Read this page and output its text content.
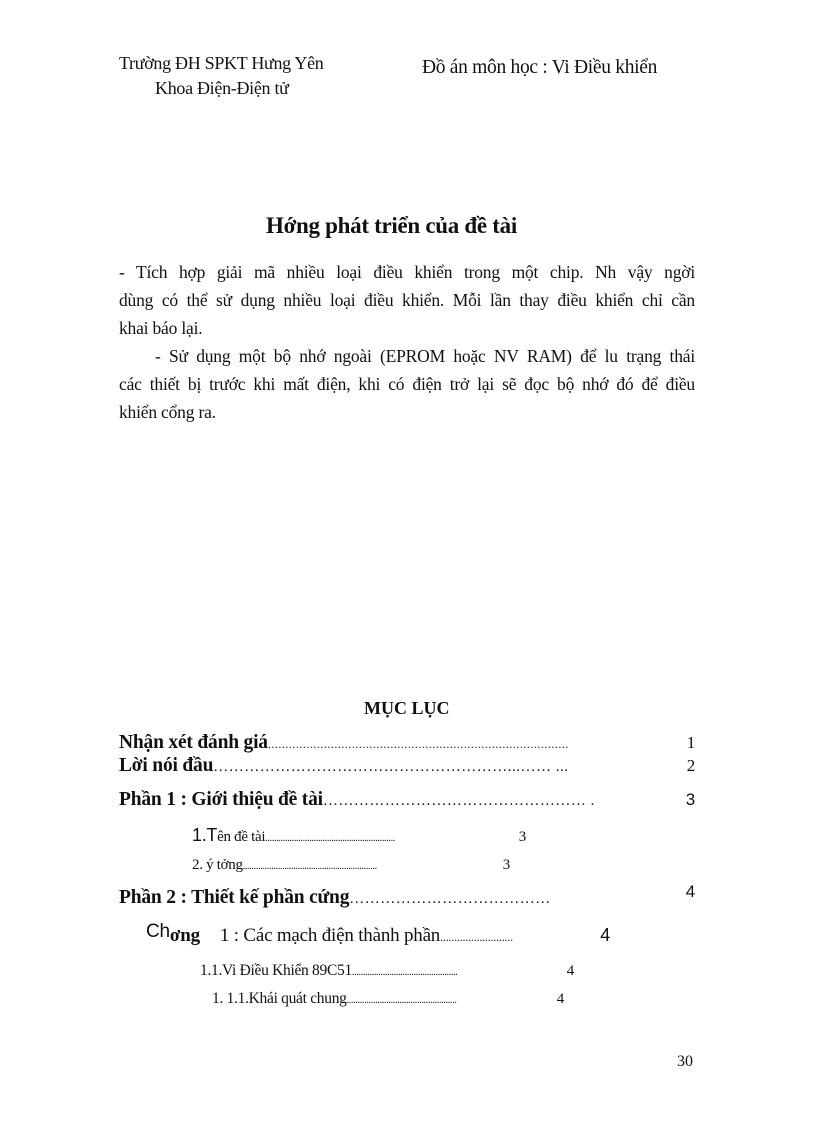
Trường ĐH SPKT Hưng Yên
Khoa Điện-Điện tử
Đồ án môn học : Vi Điều khiển
Hớng phát triển của đề tài
- Tích hợp giải mã nhiều loại điều khiển trong một chip. Nh vậy ngời
dùng có thể sử dụng nhiều loại điều khiển. Mỗi lần thay điều khiển chỉ cần
khai báo lại.
- Sử dụng một bộ nhớ ngoài (EPROM hoặc NV RAM) để lu trạng thái
các thiết bị trước khi mất điện, khi có điện trở lại sẽ đọc bộ nhớ đó để điều
khiển cổng ra.
MỤC LỤC
Nhận xét đánh giá ......................................................................................	1
Lời nói đầu …………………………………………………...…… ...	2
Phần 1 : Giới thiệu đề tài …………………………………………… .	3
1.T ên đề tài ...........................................................	3
2. ý tởng .............................................................	3
Phần 2 : Thiết kế phần cứng …………………………………	4
Ch ơng 1 : Các mạch điện thành phần ..........................	4
1.1.Vi Điều Khiển 89C51 ................................................	4
1. 1.1.Khái quát chung ..................................................	4
30
